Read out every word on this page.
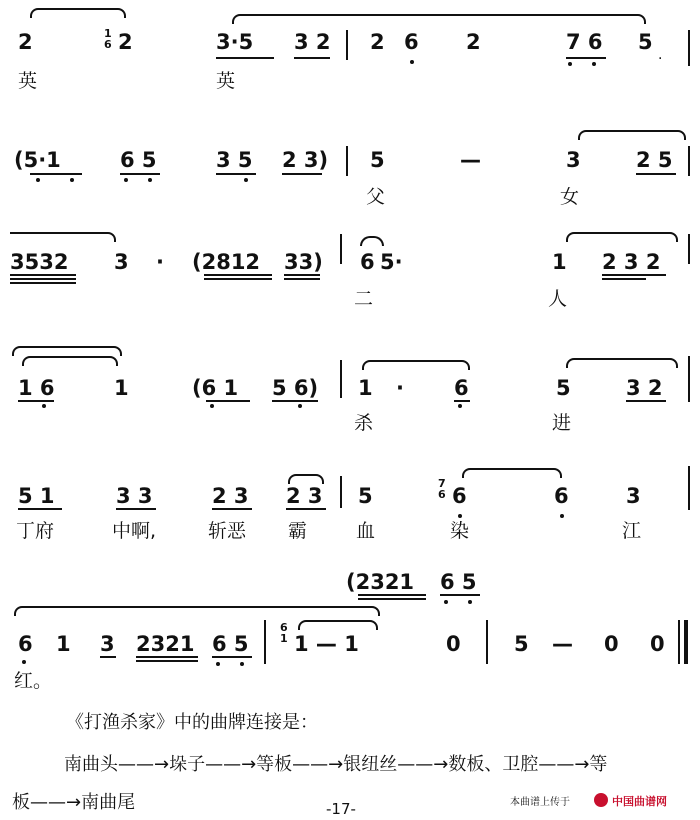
2	1
6 2	3·5 3 2 2 6 2	7 6 5
.
英	英
(5·1	6 5	3 5 2 3) 5	—	3	2 5
父	女
3532 3 · (2812 33) 6 5·	1 2 3 2
二	人
1 6	1	(6 1 5 6) 1 · 6	5	3 2
杀	进
5 1	3 3	2 3 2 3 5
7
6 6	6	3
丁府	中啊,	斩恶 霸	血	染	江
(2321 6 5
6 1 3 2321 6 5
6
1 1 — 1	0	5 — 0 0
红。
《打渔杀家》中的曲牌连接是：
南曲头——→垛子——→等板——→银纽丝——→数板、卫腔——→等
板——→南曲尾	-17-	本曲谱上传于	中国曲谱网
